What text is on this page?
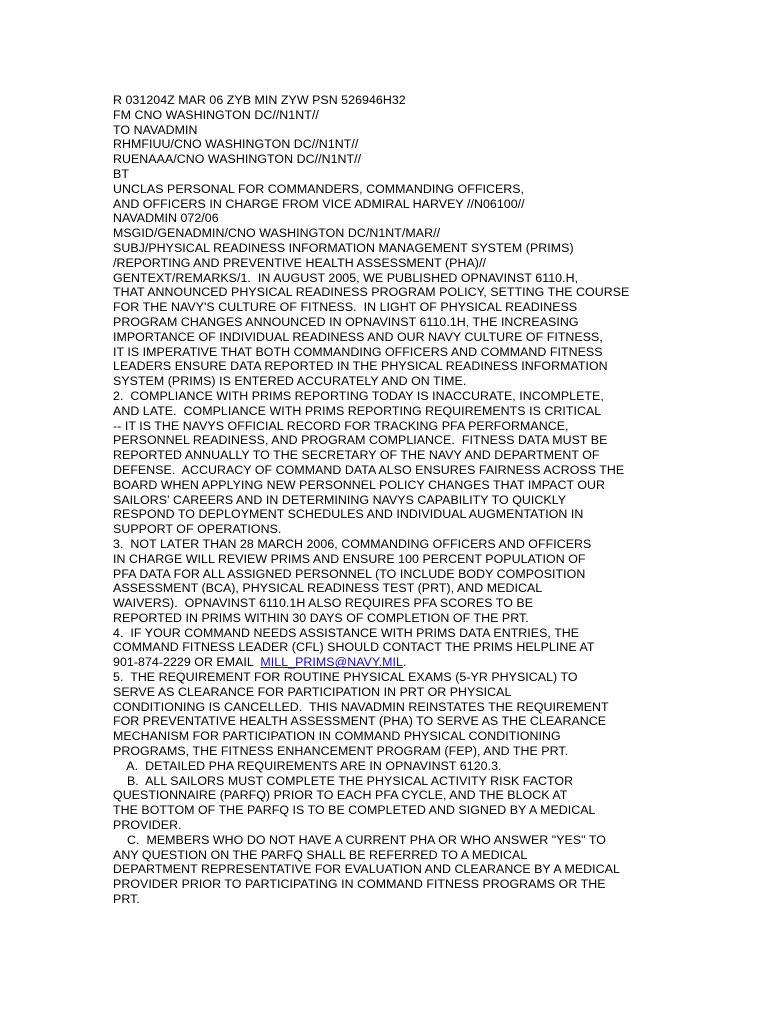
R 031204Z MAR 06 ZYB MIN ZYW PSN 526946H32
FM CNO WASHINGTON DC//N1NT//
TO NAVADMIN
RHMFIUU/CNO WASHINGTON DC//N1NT//
RUENAAA/CNO WASHINGTON DC//N1NT//
BT
UNCLAS PERSONAL FOR COMMANDERS, COMMANDING OFFICERS,
AND OFFICERS IN CHARGE FROM VICE ADMIRAL HARVEY //N06100//
NAVADMIN 072/06
MSGID/GENADMIN/CNO WASHINGTON DC/N1NT/MAR//
SUBJ/PHYSICAL READINESS INFORMATION MANAGEMENT SYSTEM (PRIMS)
/REPORTING AND PREVENTIVE HEALTH ASSESSMENT (PHA)//
GENTEXT/REMARKS/1.  IN AUGUST 2005, WE PUBLISHED OPNAVINST 6110.H,
THAT ANNOUNCED PHYSICAL READINESS PROGRAM POLICY, SETTING THE COURSE
FOR THE NAVY'S CULTURE OF FITNESS.  IN LIGHT OF PHYSICAL READINESS
PROGRAM CHANGES ANNOUNCED IN OPNAVINST 6110.1H, THE INCREASING
IMPORTANCE OF INDIVIDUAL READINESS AND OUR NAVY CULTURE OF FITNESS,
IT IS IMPERATIVE THAT BOTH COMMANDING OFFICERS AND COMMAND FITNESS
LEADERS ENSURE DATA REPORTED IN THE PHYSICAL READINESS INFORMATION
SYSTEM (PRIMS) IS ENTERED ACCURATELY AND ON TIME.
2.  COMPLIANCE WITH PRIMS REPORTING TODAY IS INACCURATE, INCOMPLETE,
AND LATE.  COMPLIANCE WITH PRIMS REPORTING REQUIREMENTS IS CRITICAL
-- IT IS THE NAVYS OFFICIAL RECORD FOR TRACKING PFA PERFORMANCE,
PERSONNEL READINESS, AND PROGRAM COMPLIANCE.  FITNESS DATA MUST BE
REPORTED ANNUALLY TO THE SECRETARY OF THE NAVY AND DEPARTMENT OF
DEFENSE.  ACCURACY OF COMMAND DATA ALSO ENSURES FAIRNESS ACROSS THE
BOARD WHEN APPLYING NEW PERSONNEL POLICY CHANGES THAT IMPACT OUR
SAILORS' CAREERS AND IN DETERMINING NAVYS CAPABILITY TO QUICKLY
RESPOND TO DEPLOYMENT SCHEDULES AND INDIVIDUAL AUGMENTATION IN
SUPPORT OF OPERATIONS.
3.  NOT LATER THAN 28 MARCH 2006, COMMANDING OFFICERS AND OFFICERS
IN CHARGE WILL REVIEW PRIMS AND ENSURE 100 PERCENT POPULATION OF
PFA DATA FOR ALL ASSIGNED PERSONNEL (TO INCLUDE BODY COMPOSITION
ASSESSMENT (BCA), PHYSICAL READINESS TEST (PRT), AND MEDICAL
WAIVERS).  OPNAVINST 6110.1H ALSO REQUIRES PFA SCORES TO BE
REPORTED IN PRIMS WITHIN 30 DAYS OF COMPLETION OF THE PRT.
4.  IF YOUR COMMAND NEEDS ASSISTANCE WITH PRIMS DATA ENTRIES, THE
COMMAND FITNESS LEADER (CFL) SHOULD CONTACT THE PRIMS HELPLINE AT
901-874-2229 OR EMAIL  MILL_PRIMS@NAVY.MIL.
5.  THE REQUIREMENT FOR ROUTINE PHYSICAL EXAMS (5-YR PHYSICAL) TO
SERVE AS CLEARANCE FOR PARTICIPATION IN PRT OR PHYSICAL
CONDITIONING IS CANCELLED.  THIS NAVADMIN REINSTATES THE REQUIREMENT
FOR PREVENTATIVE HEALTH ASSESSMENT (PHA) TO SERVE AS THE CLEARANCE
MECHANISM FOR PARTICIPATION IN COMMAND PHYSICAL CONDITIONING
PROGRAMS, THE FITNESS ENHANCEMENT PROGRAM (FEP), AND THE PRT.
A.  DETAILED PHA REQUIREMENTS ARE IN OPNAVINST 6120.3.
B.  ALL SAILORS MUST COMPLETE THE PHYSICAL ACTIVITY RISK FACTOR
QUESTIONNAIRE (PARFQ) PRIOR TO EACH PFA CYCLE, AND THE BLOCK AT
THE BOTTOM OF THE PARFQ IS TO BE COMPLETED AND SIGNED BY A MEDICAL
PROVIDER.
C.  MEMBERS WHO DO NOT HAVE A CURRENT PHA OR WHO ANSWER "YES" TO
ANY QUESTION ON THE PARFQ SHALL BE REFERRED TO A MEDICAL
DEPARTMENT REPRESENTATIVE FOR EVALUATION AND CLEARANCE BY A MEDICAL
PROVIDER PRIOR TO PARTICIPATING IN COMMAND FITNESS PROGRAMS OR THE
PRT.
